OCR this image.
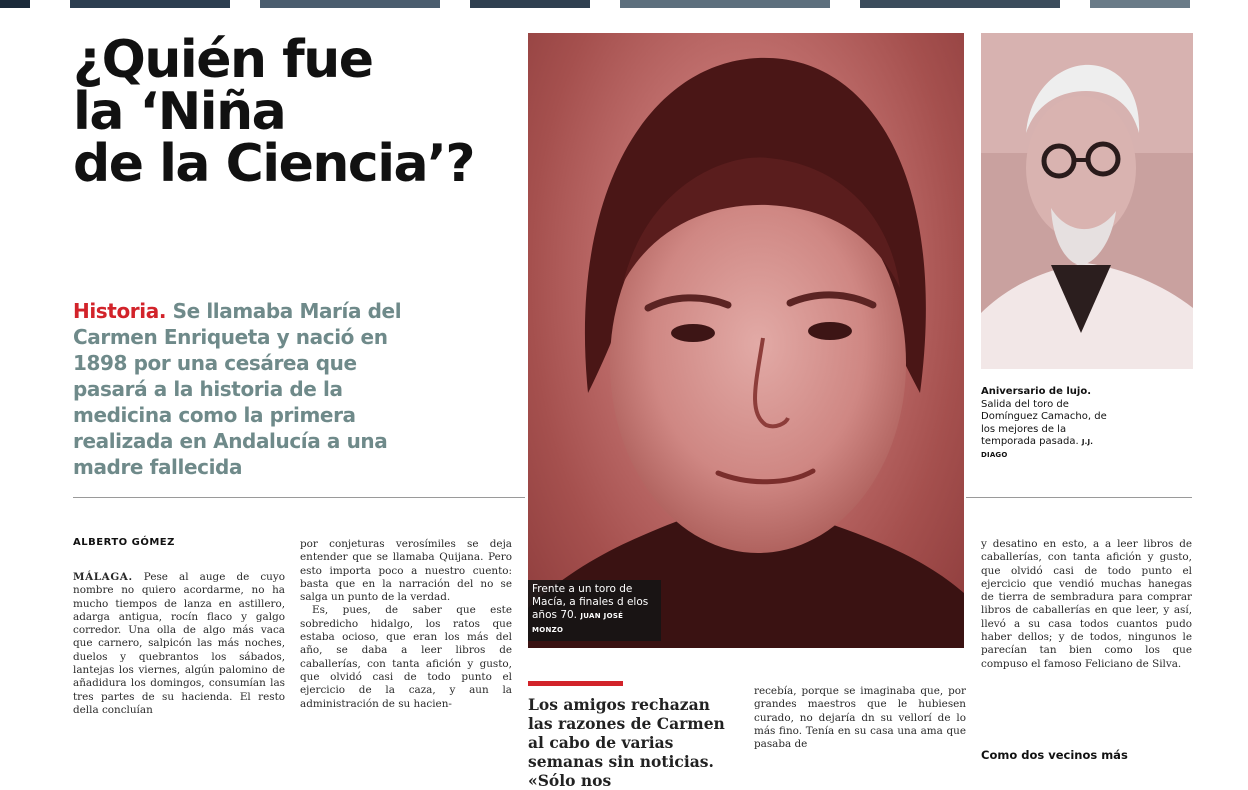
¿Quién fue
la ‘Niña
de la Ciencia’?
Historia. Se llamaba María del Carmen Enriqueta y nació en 1898 por una cesárea que pasará a la historia de la medicina como la primera realizada en Andalucía a una madre fallecida
ALBERTO GÓMEZ

MÁLAGA. Pese al auge de cuyo nombre no quiero acordarme, no ha mucho tiempos de lanza en astillero, adarga antigua, rocín flaco y galgo corredor. Una olla de algo más vaca que carnero, salpicón las más noches, duelos y quebrantos los sábados, lantejas los viernes, algún palomino de añadidura los domingos, consumían las tres partes de su hacienda. El resto della concluían

por conjeturas verosímiles se deja entender que se llamaba Quijana. Pero esto importa poco a nuestro cuento: basta que en la narración del no se salga un punto de la verdad.

Es, pues, de saber que este sobredicho hidalgo, los ratos que estaba ocioso, que eran los más del año, se daba a leer libros de caballerías, con tanta afición y gusto, que olvidó casi de todo punto el ejercicio de la caza, y aun la administración de su hacien-

Frente a un toro de Macía, a finales d elos años 70. JUAN JOSÉ MONZO
Aniversario de lujo.
Salida del toro de Domínguez Camacho, de los mejores de la temporada pasada. J.J. DIAGO
Los amigos rechazan las razones de Carmen al cabo de varias semanas sin noticias. «Sólo nos

recebía, porque se imaginaba que, por grandes maestros que le hubiesen curado, no dejaría dn su vellorí de lo más fino. Tenía en su casa una ama que pasaba de

y desatino en esto, a a leer libros de caballerías, con tanta afición y gusto, que olvidó casi de todo punto el ejercicio que vendió muchas hanegas de tierra de sembradura para comprar libros de caballerías en que leer, y así, llevó a su casa todos cuantos pudo haber dellos; y de todos, ningunos le parecían tan bien como los que compuso el famoso Feliciano de Silva.

Como dos vecinos más
